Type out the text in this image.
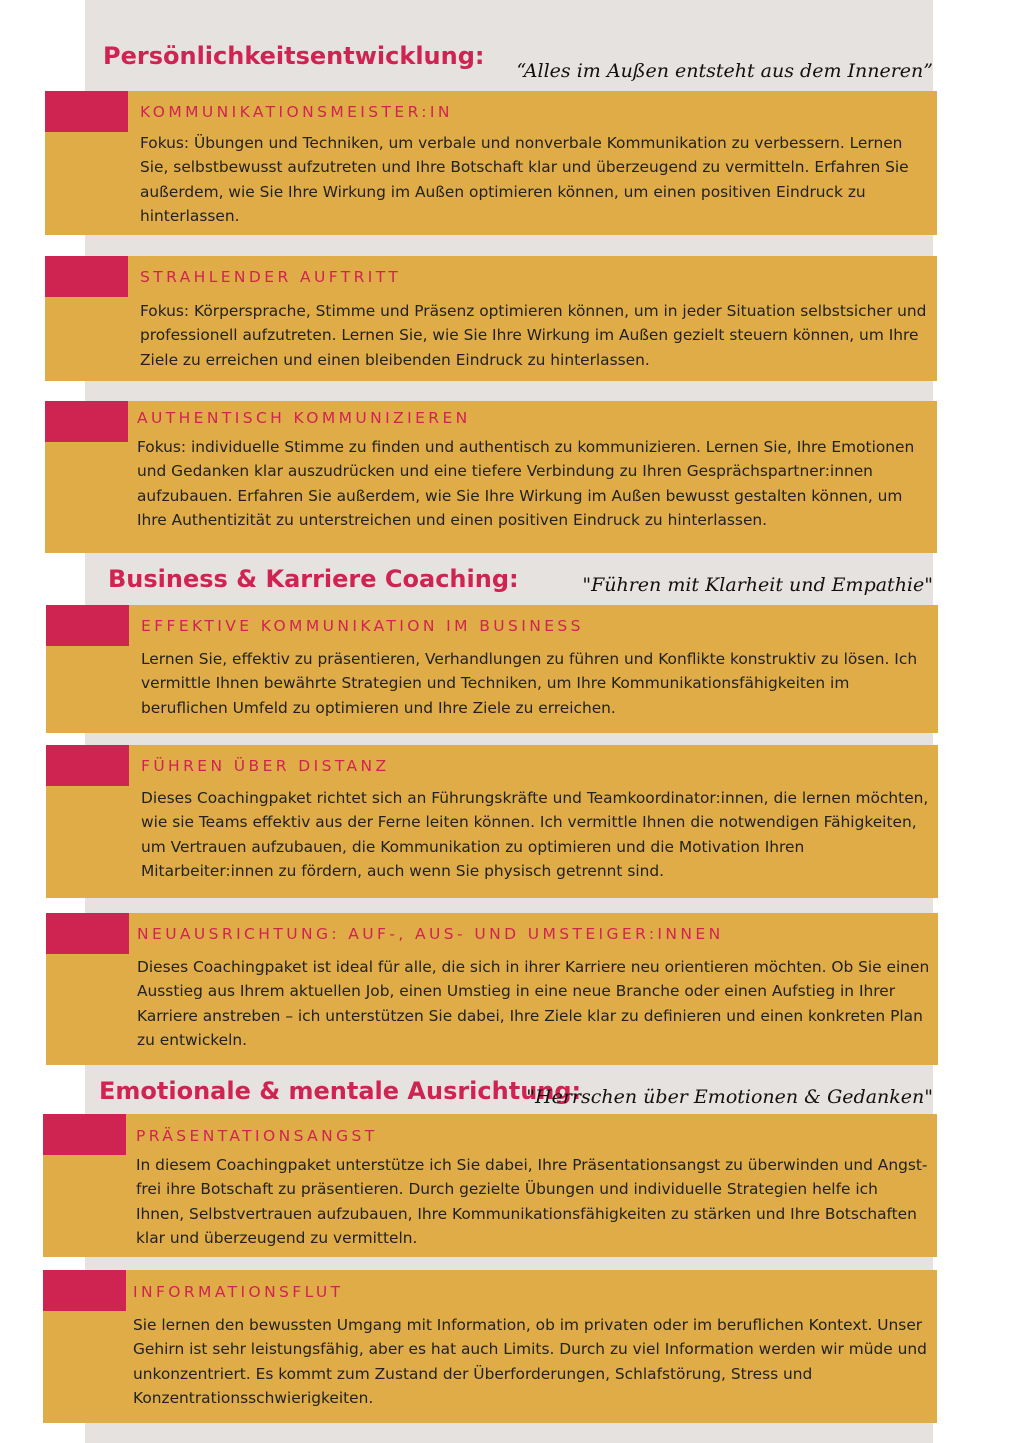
Persönlichkeitsentwicklung:

“Alles im Außen entsteht aus dem Inneren”

KOMMUNIKATIONSMEISTER:IN

Fokus: Übungen und Techniken, um verbale und nonverbale Kommunikation zu verbessern. Lernen Sie, selbstbewusst aufzutreten und Ihre Botschaft klar und überzeugend zu vermitteln. Erfahren Sie außerdem, wie Sie Ihre Wirkung im Außen optimieren können, um einen positiven Eindruck zu hinterlassen.

STRAHLENDER AUFTRITT

Fokus: Körpersprache, Stimme und Präsenz optimieren können, um in jeder Situation selbstsicher und professionell aufzutreten. Lernen Sie, wie Sie Ihre Wirkung im Außen gezielt steuern können, um Ihre Ziele zu erreichen und einen bleibenden Eindruck zu hinterlassen.

AUTHENTISCH KOMMUNIZIEREN

Fokus: individuelle Stimme zu finden und authentisch zu kommunizieren. Lernen Sie, Ihre Emotionen und Gedanken klar auszudrücken und eine tiefere Verbindung zu Ihren Gesprächspartner:innen aufzubauen. Erfahren Sie außerdem, wie Sie Ihre Wirkung im Außen bewusst gestalten können, um Ihre Authentizität zu unterstreichen und einen positiven Eindruck zu hinterlassen.

Business & Karriere Coaching:	"Führen mit Klarheit und Empathie"

EFFEKTIVE KOMMUNIKATION IM BUSINESS

Lernen Sie, effektiv zu präsentieren, Verhandlungen zu führen und Konflikte konstruktiv zu lösen. Ich vermittle Ihnen bewährte Strategien und Techniken, um Ihre Kommunikationsfähigkeiten im beruflichen Umfeld zu optimieren und Ihre Ziele zu erreichen.

FÜHREN ÜBER DISTANZ

Dieses Coachingpaket richtet sich an Führungskräfte und Teamkoordinator:innen, die lernen möchten, wie sie Teams effektiv aus der Ferne leiten können. Ich vermittle Ihnen die notwendigen Fähigkeiten, um Vertrauen aufzubauen, die Kommunikation zu optimieren und die Motivation Ihren Mitarbeiter:innen zu fördern, auch wenn Sie physisch getrennt sind.

NEUAUSRICHTUNG: AUF-, AUS- UND UMSTEIGER:INNEN

Dieses Coachingpaket ist ideal für alle, die sich in ihrer Karriere neu orientieren möchten. Ob Sie einen Ausstieg aus Ihrem aktuellen Job, einen Umstieg in eine neue Branche oder einen Aufstieg in Ihrer Karriere anstreben – ich unterstützen Sie dabei, Ihre Ziele klar zu definieren und einen konkreten Plan zu entwickeln.

Emotionale & mentale Ausrichtung:

"Herrschen über Emotionen & Gedanken"

PRÄSENTATIONSANGST

In diesem Coachingpaket unterstütze ich Sie dabei, Ihre Präsentationsangst zu überwinden und Angst-frei ihre Botschaft zu präsentieren. Durch gezielte Übungen und individuelle Strategien helfe ich Ihnen, Selbstvertrauen aufzubauen, Ihre Kommunikationsfähigkeiten zu stärken und Ihre Botschaften klar und überzeugend zu vermitteln.

INFORMATIONSFLUT

Sie lernen den bewussten Umgang mit Information, ob im privaten oder im beruflichen Kontext. Unser Gehirn ist sehr leistungsfähig, aber es hat auch Limits. Durch zu viel Information werden wir müde und unkonzentriert. Es kommt zum Zustand der Überforderungen, Schlafstörung, Stress und Konzentrationsschwierigkeiten.
